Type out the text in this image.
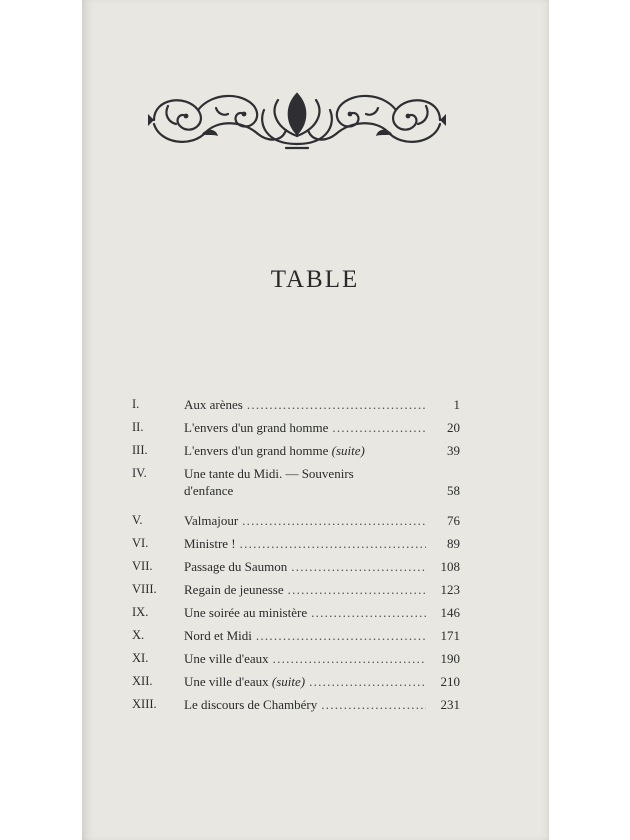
TABLE
I.	Aux arènes . . .	1
II.	L'envers d'un grand homme . . .	20
III.	L'envers d'un grand homme (suite)	39
IV.	Une tante du Midi. — Souvenirs
d'enfance	58
V.	Valmajour . . .	76
VI.	Ministre ! . . .	89
VII.	Passage du Saumon . . .	108
VIII.	Regain de jeunesse . . .	123
IX.	Une soirée au ministère . . .	146
X.	Nord et Midi . . .	171
XI.	Une ville d'eaux . . .	190
XII.	Une ville d'eaux (suite) . . .	210
XIII.	Le discours de Chambéry . . .	231
